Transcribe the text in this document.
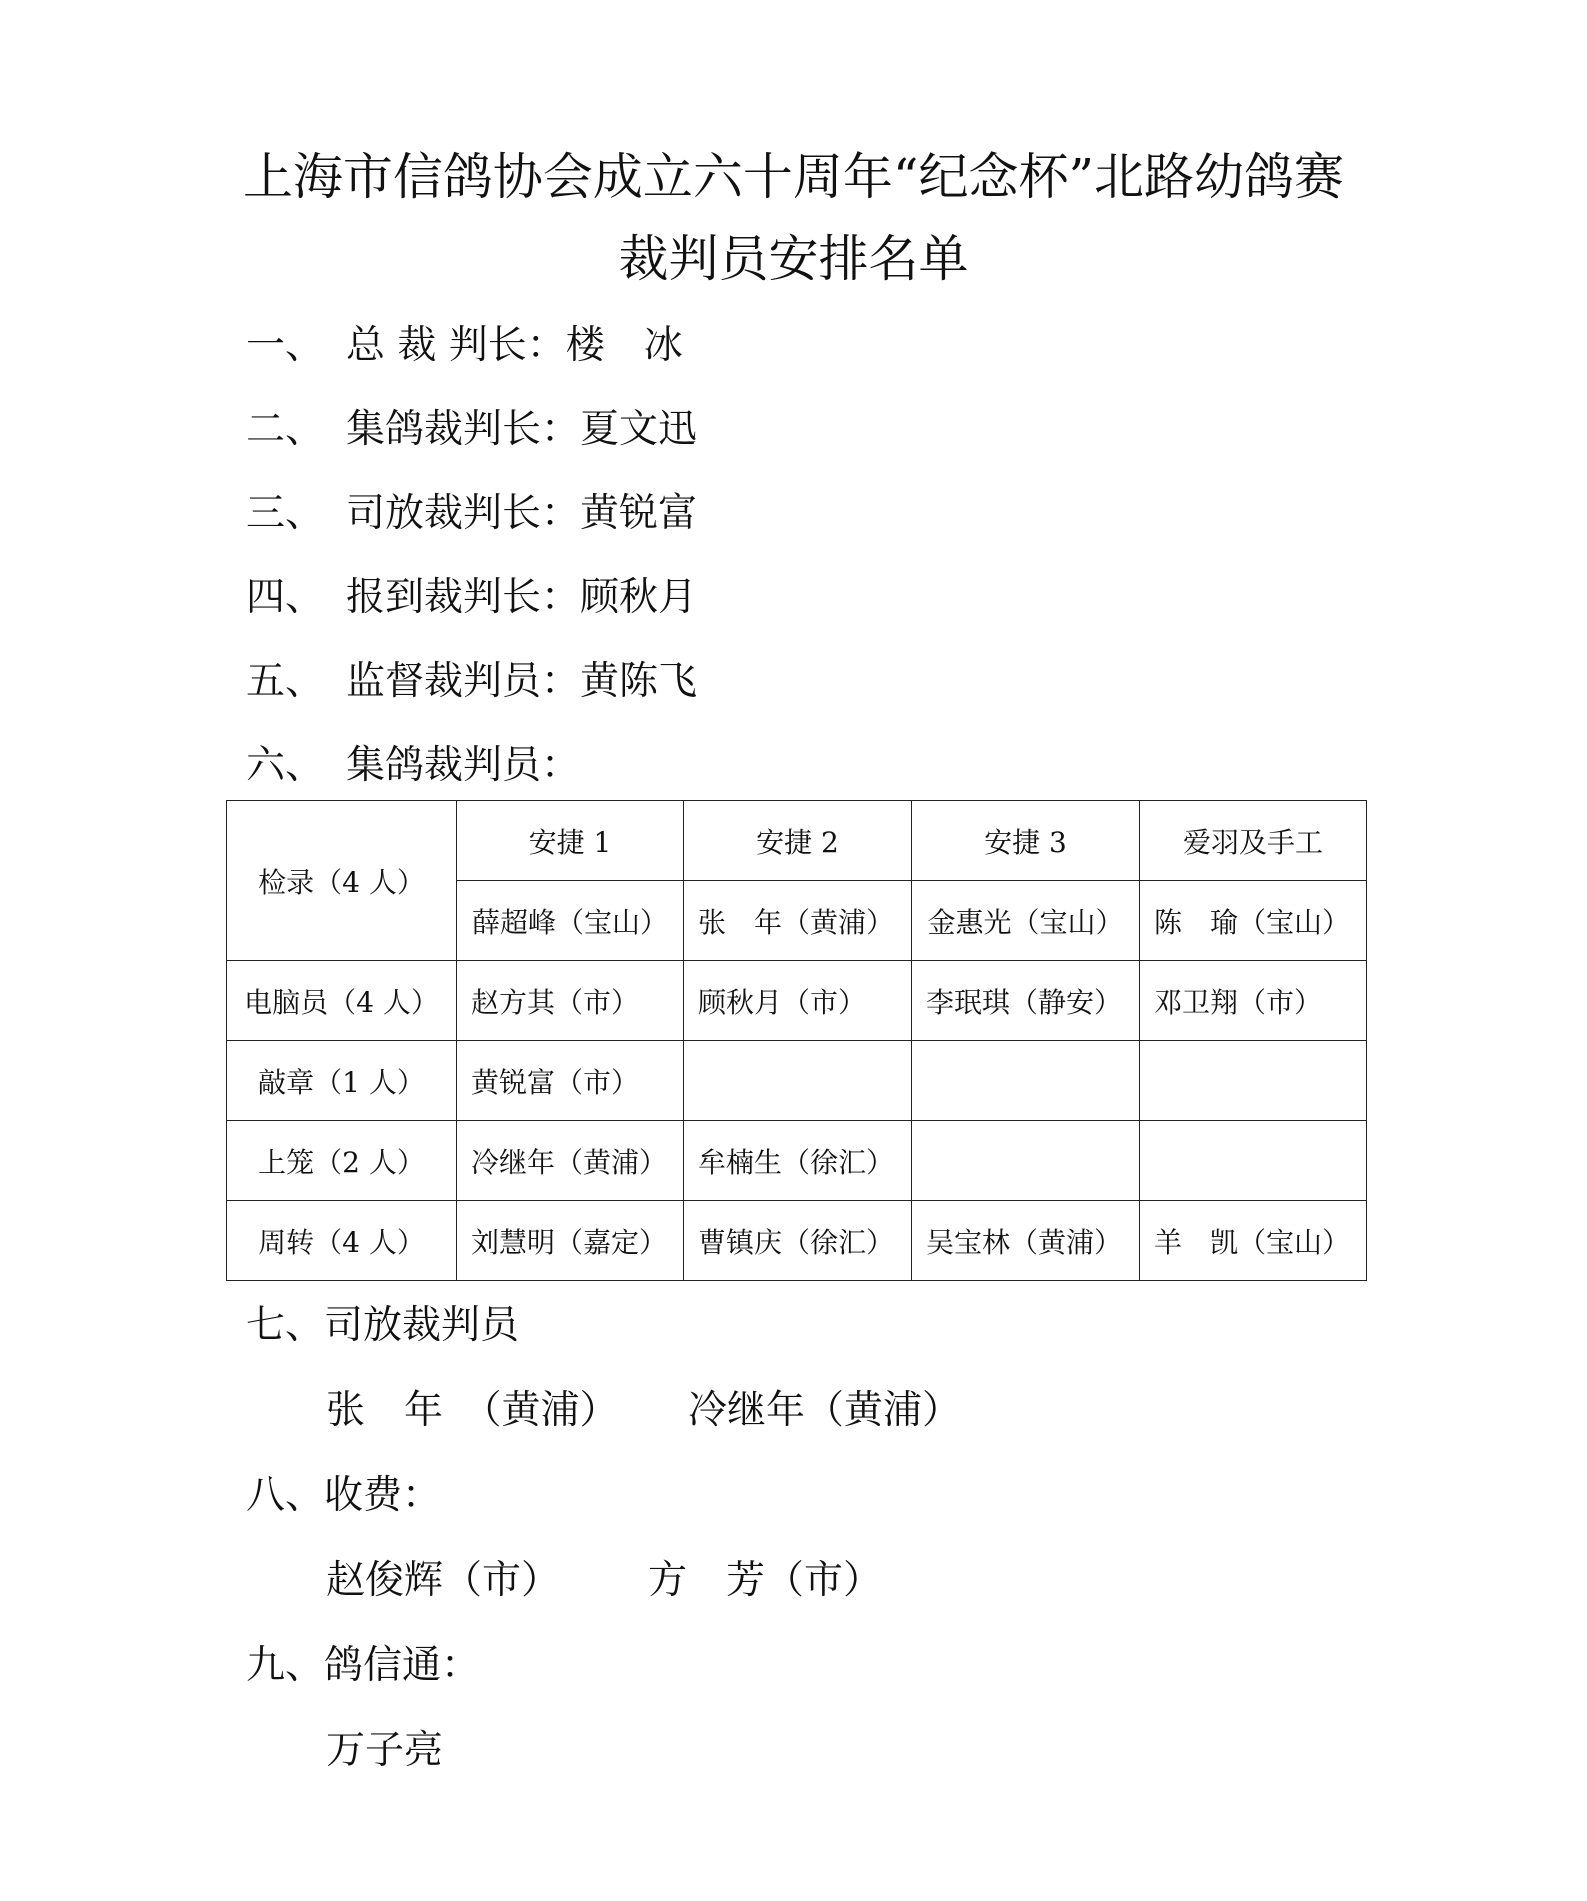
上海市信鸽协会成立六十周年“纪念杯”北路幼鸽赛
裁判员安排名单
一、 总 裁 判长：楼　冰
二、 集鸽裁判长：夏文迅
三、 司放裁判长：黄锐富
四、 报到裁判长：顾秋月
五、 监督裁判员：黄陈飞
六、 集鸽裁判员：
检录（4 人）	安捷 1	安捷 2	安捷 3	爱羽及手工
	薛超峰（宝山）	张　年（黄浦）	金惠光（宝山）	陈　瑜（宝山）
电脑员（4 人）	赵方其（市）	顾秋月（市）	李珉琪（静安）	邓卫翔（市）
敲章（1 人）	黄锐富（市）			
上笼（2 人）	冷继年（黄浦）	牟楠生（徐汇）		
周转（4 人）	刘慧明（嘉定）	曹镇庆（徐汇）	吴宝林（黄浦）	羊　凯（宝山）
七、司放裁判员
张　年　（黄浦） 冷继年（黄浦）
八、收费：
赵俊辉（市） 方　芳（市）
九、鸽信通：
万子亮
